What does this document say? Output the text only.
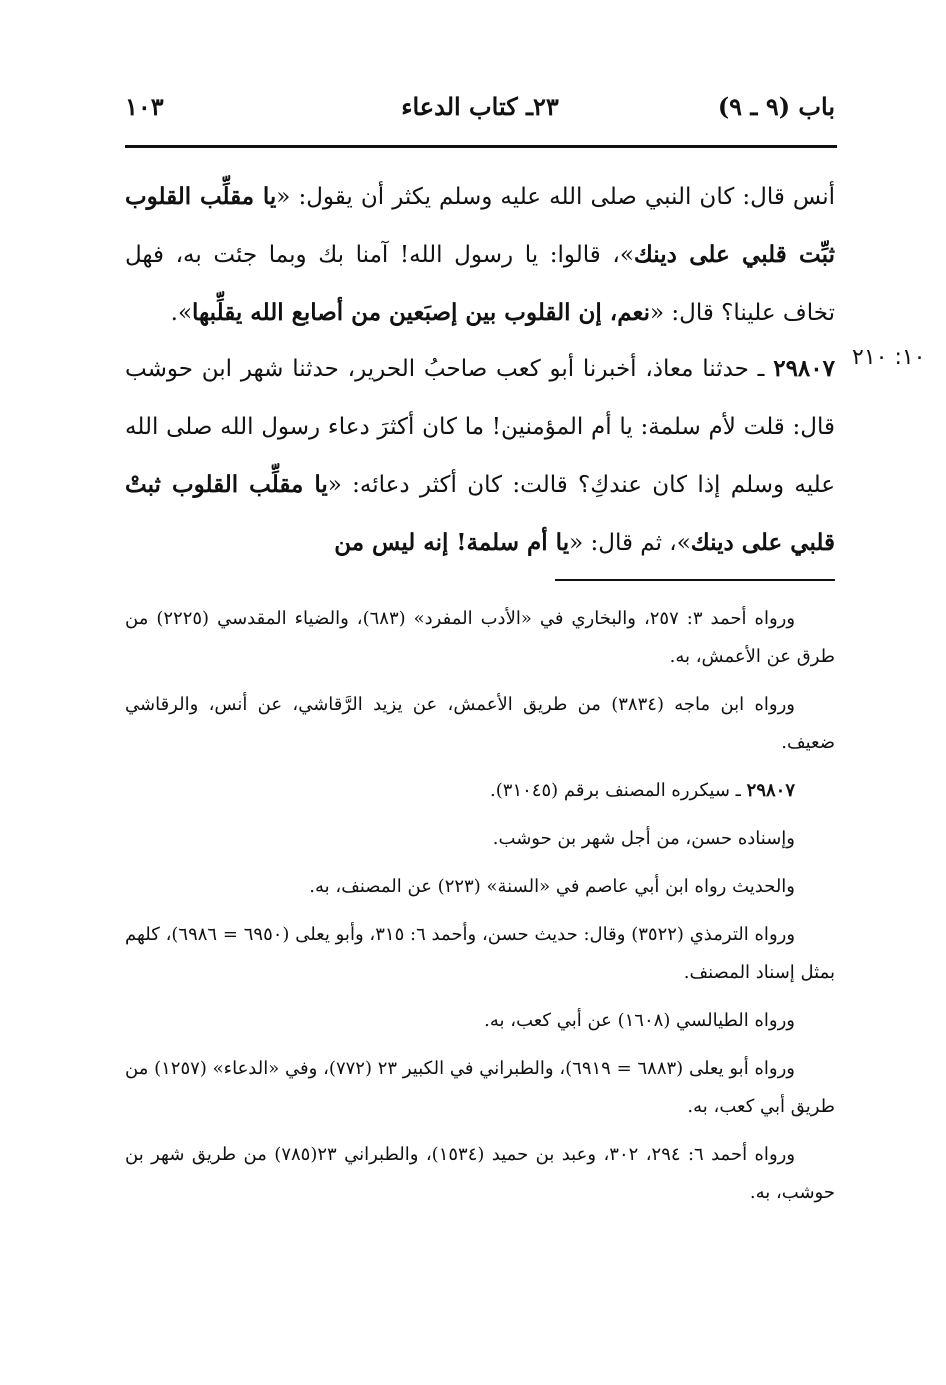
باب (٩ ـ ٩)
٢٣ـ كتاب الدعاء
١٠٣
أنس قال: كان النبي صلى الله عليه وسلم يكثر أن يقول: «يا مقلِّب القلوب ثبِّت قلبي على دينك»، قالوا: يا رسول الله! آمنا بك وبما جئت به، فهل تخاف علينا؟ قال: «نعم، إن القلوب بين إصبَعين من أصابع الله يقلِّبها».
١٠: ٢١٠
٢٩٨٠٧ ـ حدثنا معاذ، أخبرنا أبو كعب صاحبُ الحرير، حدثنا شهر ابن حوشب قال: قلت لأم سلمة: يا أم المؤمنين! ما كان أكثرَ دعاء رسول الله صلى الله عليه وسلم إذا كان عندكِ؟ قالت: كان أكثر دعائه: «يا مقلِّب القلوب ثبتْ قلبي على دينك»، ثم قال: «يا أم سلمة! إنه ليس من

ورواه أحمد ٣: ٢٥٧، والبخاري في «الأدب المفرد» (٦٨٣)، والضياء المقدسي (٢٢٢٥) من طرق عن الأعمش، به.

ورواه ابن ماجه (٣٨٣٤) من طريق الأعمش، عن يزيد الرَّقاشي، عن أنس، والرقاشي ضعيف.

٢٩٨٠٧ ـ سيكرره المصنف برقم (٣١٠٤٥).

وإسناده حسن، من أجل شهر بن حوشب.

والحديث رواه ابن أبي عاصم في «السنة» (٢٢٣) عن المصنف، به.

ورواه الترمذي (٣٥٢٢) وقال: حديث حسن، وأحمد ٦: ٣١٥، وأبو يعلى (٦٩٥٠ = ٦٩٨٦)، كلهم بمثل إسناد المصنف.

ورواه الطيالسي (١٦٠٨) عن أبي كعب، به.

ورواه أبو يعلى (٦٨٨٣ = ٦٩١٩)، والطبراني في الكبير ٢٣ (٧٧٢)، وفي «الدعاء» (١٢٥٧) من طريق أبي كعب، به.

ورواه أحمد ٦: ٢٩٤، ٣٠٢، وعبد بن حميد (١٥٣٤)، والطبراني ٢٣(٧٨٥) من طريق شهر بن حوشب، به.
